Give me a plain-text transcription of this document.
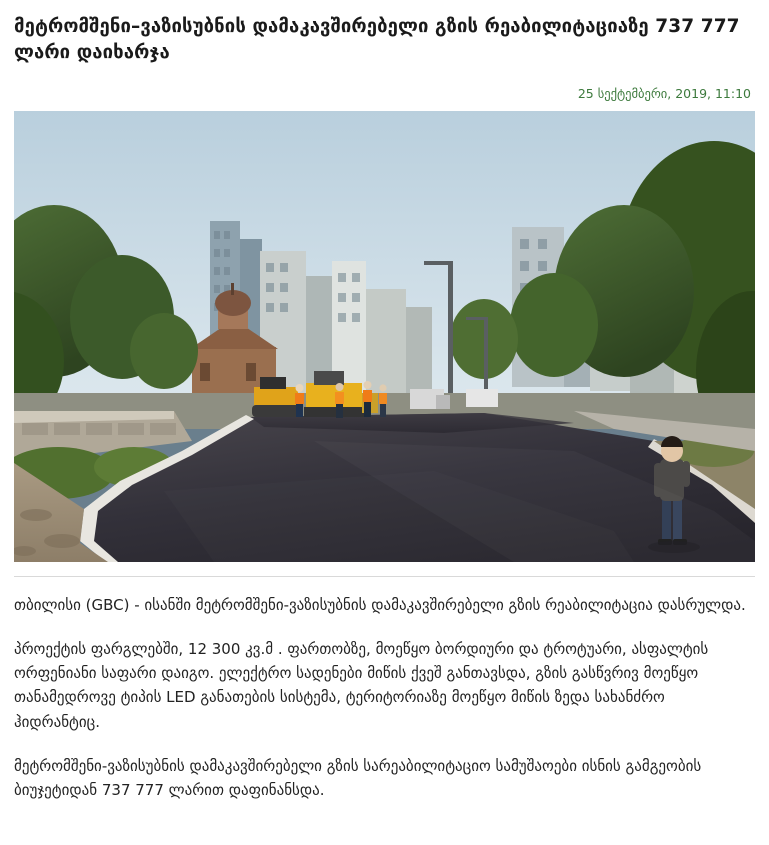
მეტრომშენი–ვაზისუბნის დამაკავშირებელი გზის რეაბილიტაციაზე 737 777 ლარი დაიხარჯა
25 სექტემბერი, 2019, 11:10

თბილისი (GBC) - ისანში მეტრომშენი-ვაზისუბნის დამაკავშირებელი გზის რეაბილიტაცია დასრულდა.

პროექტის ფარგლებში, 12 300 კვ.მ . ფართობზე, მოეწყო ბორდიური და ტროტუარი, ასფალტის ორფენიანი საფარი დაიგო. ელექტრო სადენები მიწის ქვეშ განთავსდა, გზის გასწვრივ მოეწყო თანამედროვე ტიპის LED განათების სისტემა, ტერიტორიაზე მოეწყო მიწის ზედა სახანძრო ჰიდრანტიც.

მეტრომშენი-ვაზისუბნის დამაკავშირებელი გზის სარეაბილიტაციო სამუშაოები ისნის გამგეობის ბიუჯეტიდან 737 777 ლარით დაფინანსდა.
